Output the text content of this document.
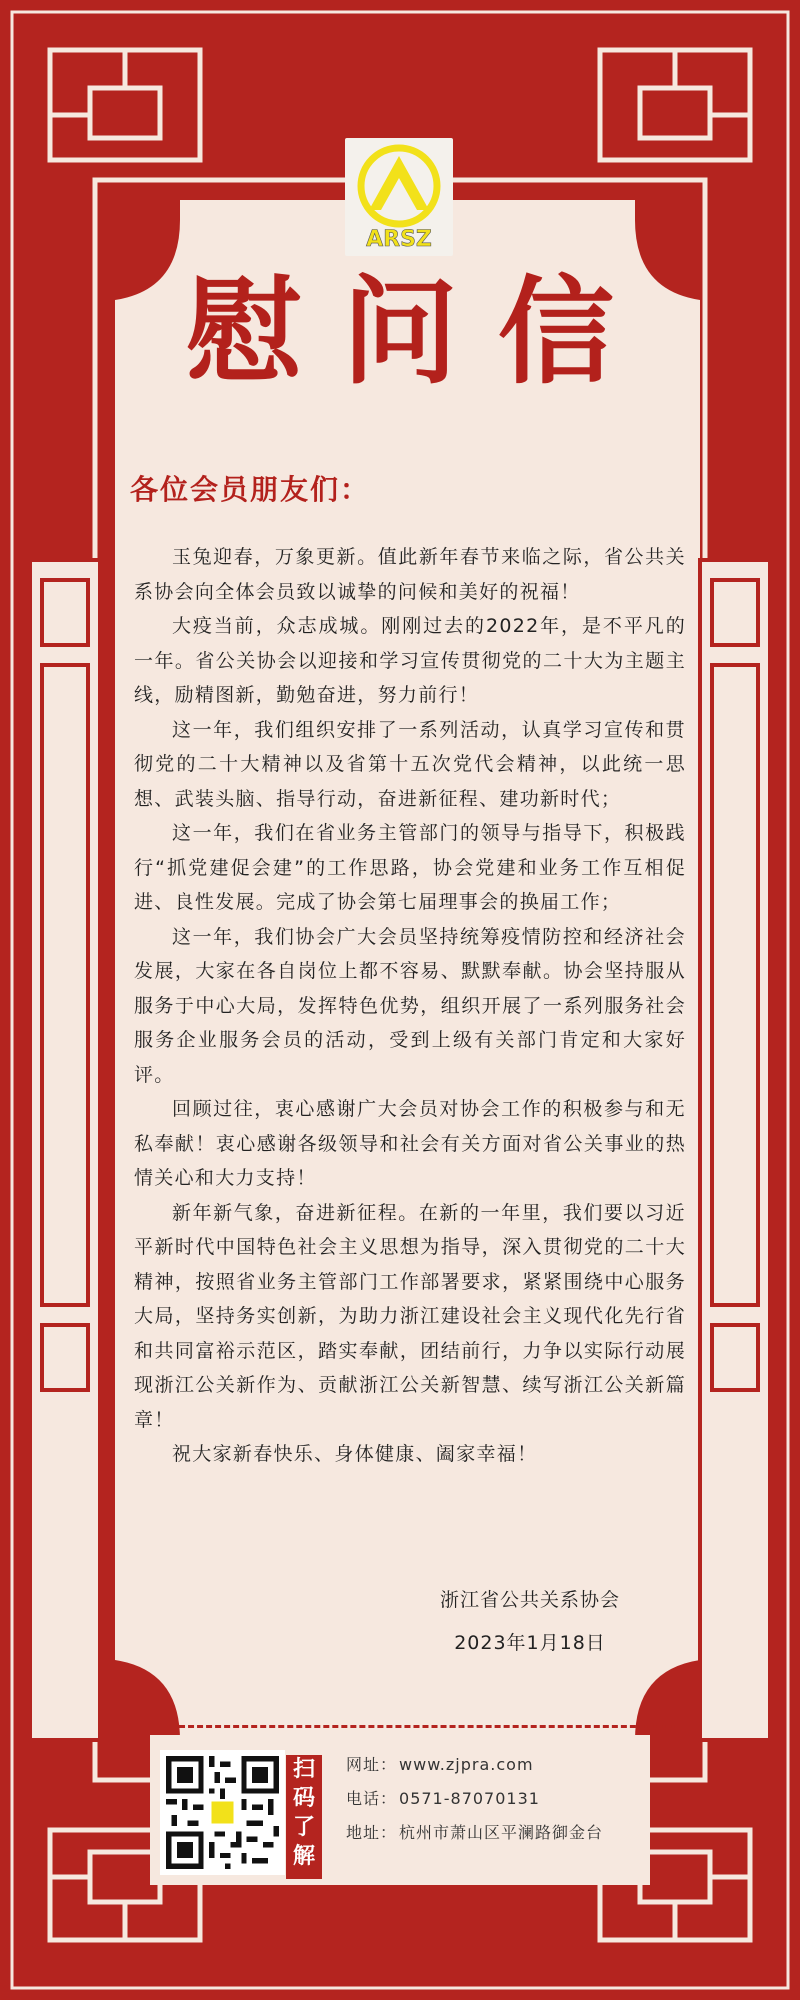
ARSZ
慰问信
各位会员朋友们：

玉兔迎春，万象更新。值此新年春节来临之际，省公共关系协会向全体会员致以诚挚的问候和美好的祝福！

大疫当前，众志成城。刚刚过去的2022年，是不平凡的一年。省公关协会以迎接和学习宣传贯彻党的二十大为主题主线，励精图新，勤勉奋进，努力前行！

这一年，我们组织安排了一系列活动，认真学习宣传和贯彻党的二十大精神以及省第十五次党代会精神，以此统一思想、武装头脑、指导行动，奋进新征程、建功新时代；

这一年，我们在省业务主管部门的领导与指导下，积极践行“抓党建促会建”的工作思路，协会党建和业务工作互相促进、良性发展。完成了协会第七届理事会的换届工作；

这一年，我们协会广大会员坚持统筹疫情防控和经济社会发展，大家在各自岗位上都不容易、默默奉献。协会坚持服从服务于中心大局，发挥特色优势，组织开展了一系列服务社会服务企业服务会员的活动，受到上级有关部门肯定和大家好评。

回顾过往，衷心感谢广大会员对协会工作的积极参与和无私奉献！衷心感谢各级领导和社会有关方面对省公关事业的热情关心和大力支持！

新年新气象，奋进新征程。在新的一年里，我们要以习近平新时代中国特色社会主义思想为指导，深入贯彻党的二十大精神，按照省业务主管部门工作部署要求，紧紧围绕中心服务大局，坚持务实创新，为助力浙江建设社会主义现代化先行省和共同富裕示范区，踏实奉献，团结前行，力争以实际行动展现浙江公关新作为、贡献浙江公关新智慧、续写浙江公关新篇章！

祝大家新春快乐、身体健康、阖家幸福！

浙江省公共关系协会
2023年1月18日
扫码了解
网址： www.zjpra.com
电话： 0571-87070131
地址： 杭州市萧山区平澜路御金台
